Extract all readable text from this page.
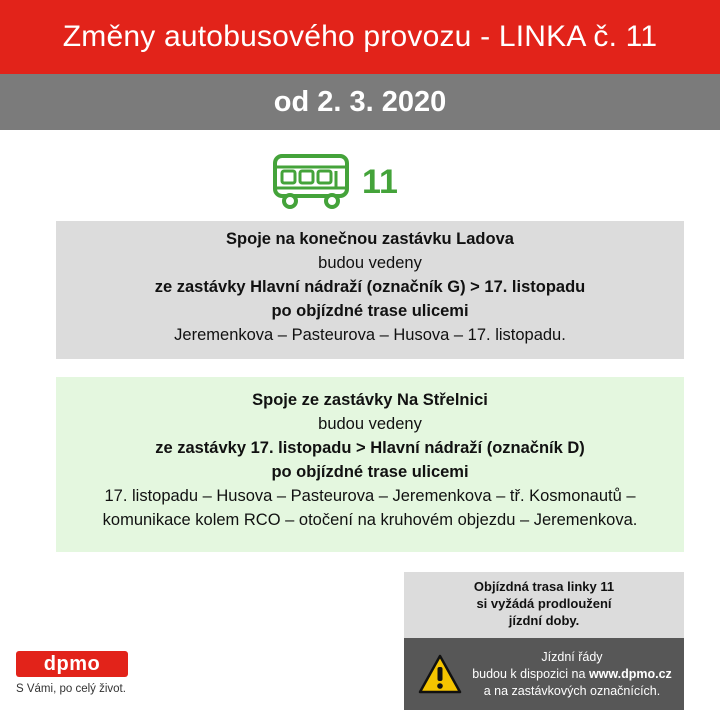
Změny autobusového provozu - LINKA č. 11
od 2. 3. 2020
11
Spoje na konečnou zastávku Ladova
budou vedeny
ze zastávky Hlavní nádraží (označník G) > 17. listopadu
po objízdné trase ulicemi
Jeremenkova – Pasteurova – Husova – 17. listopadu.
Spoje ze zastávky Na Střelnici
budou vedeny
ze zastávky 17. listopadu > Hlavní nádraží (označník D)
po objízdné trase ulicemi
17. listopadu – Husova – Pasteurova – Jeremenkova – tř. Kosmonautů –
komunikace kolem RCO – otočení na kruhovém objezdu – Jeremenkova.
Objízdná trasa linky 11
si vyžádá prodloužení
jízdní doby.
Jízdní řády
budou k dispozici na www.dpmo.cz
a na zastávkových označnících.
dpmo
S Vámi, po celý život.
